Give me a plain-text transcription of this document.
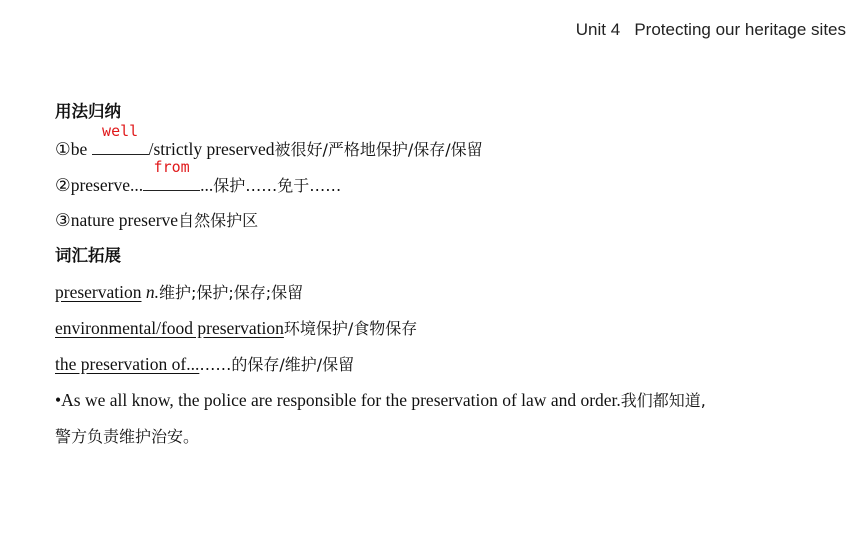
Unit 4   Protecting our heritage sites
用法归纳
①be
well
/strictly preserved被很好/严格地保护/保存/保留
②preserve...
from
...保护……免于……
③nature preserve自然保护区
词汇拓展
preservation n.维护;保护;保存;保留
environmental/food preservation环境保护/食物保存
the preservation of...……的保存/维护/保留
•As we all know, the police are responsible for the preservation of law and order.我们都知道,
警方负责维护治安。
